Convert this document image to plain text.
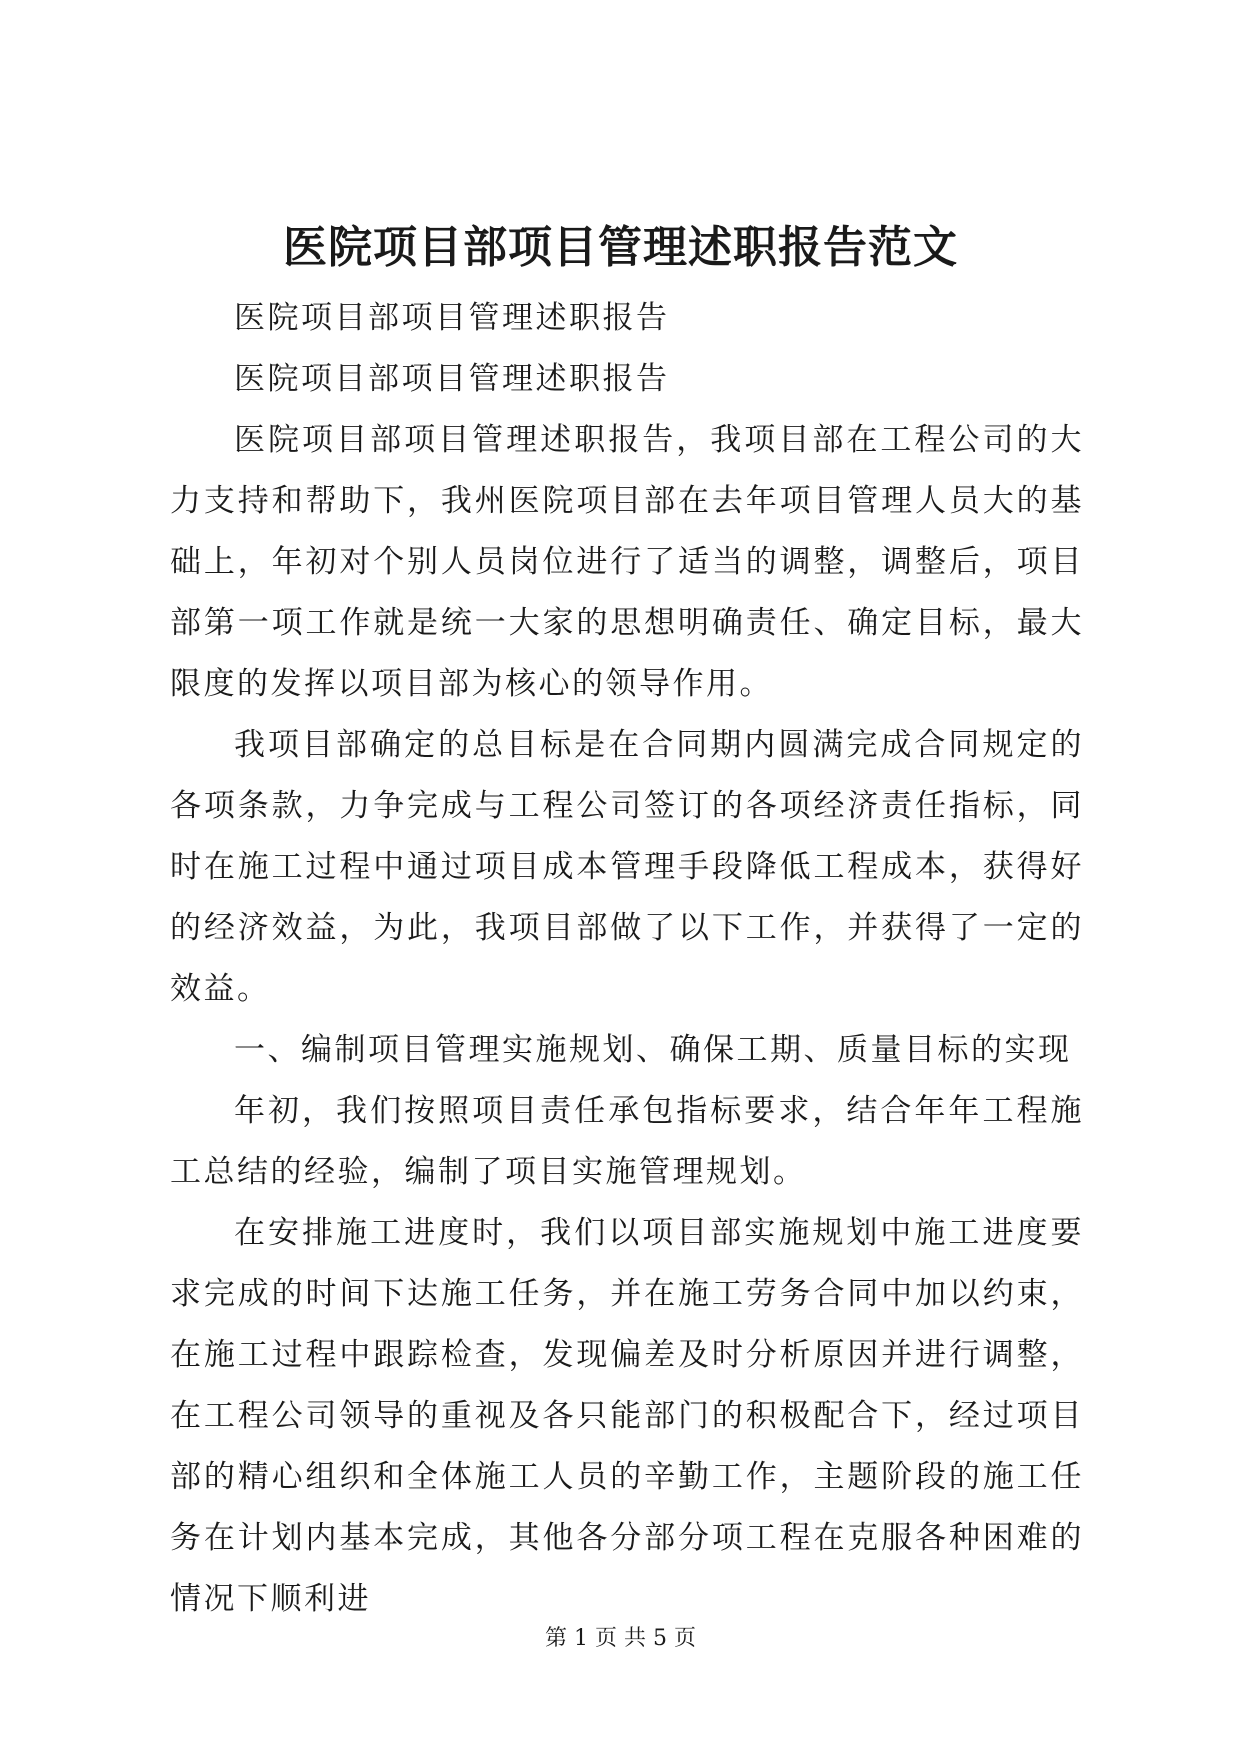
医院项目部项目管理述职报告范文

医院项目部项目管理述职报告

医院项目部项目管理述职报告

医院项目部项目管理述职报告，我项目部在工程公司的大力支持和帮助下，我州医院项目部在去年项目管理人员大的基础上，年初对个别人员岗位进行了适当的调整，调整后，项目部第一项工作就是统一大家的思想明确责任、确定目标，最大限度的发挥以项目部为核心的领导作用。

我项目部确定的总目标是在合同期内圆满完成合同规定的各项条款，力争完成与工程公司签订的各项经济责任指标，同时在施工过程中通过项目成本管理手段降低工程成本，获得好的经济效益，为此，我项目部做了以下工作，并获得了一定的效益。

一、编制项目管理实施规划、确保工期、质量目标的实现

年初，我们按照项目责任承包指标要求，结合年年工程施工总结的经验，编制了项目实施管理规划。

在安排施工进度时，我们以项目部实施规划中施工进度要求完成的时间下达施工任务，并在施工劳务合同中加以约束，在施工过程中跟踪检查，发现偏差及时分析原因并进行调整，在工程公司领导的重视及各只能部门的积极配合下，经过项目部的精心组织和全体施工人员的辛勤工作，主题阶段的施工任务在计划内基本完成，其他各分部分项工程在克服各种困难的情况下顺利进

第 1 页 共 5 页
